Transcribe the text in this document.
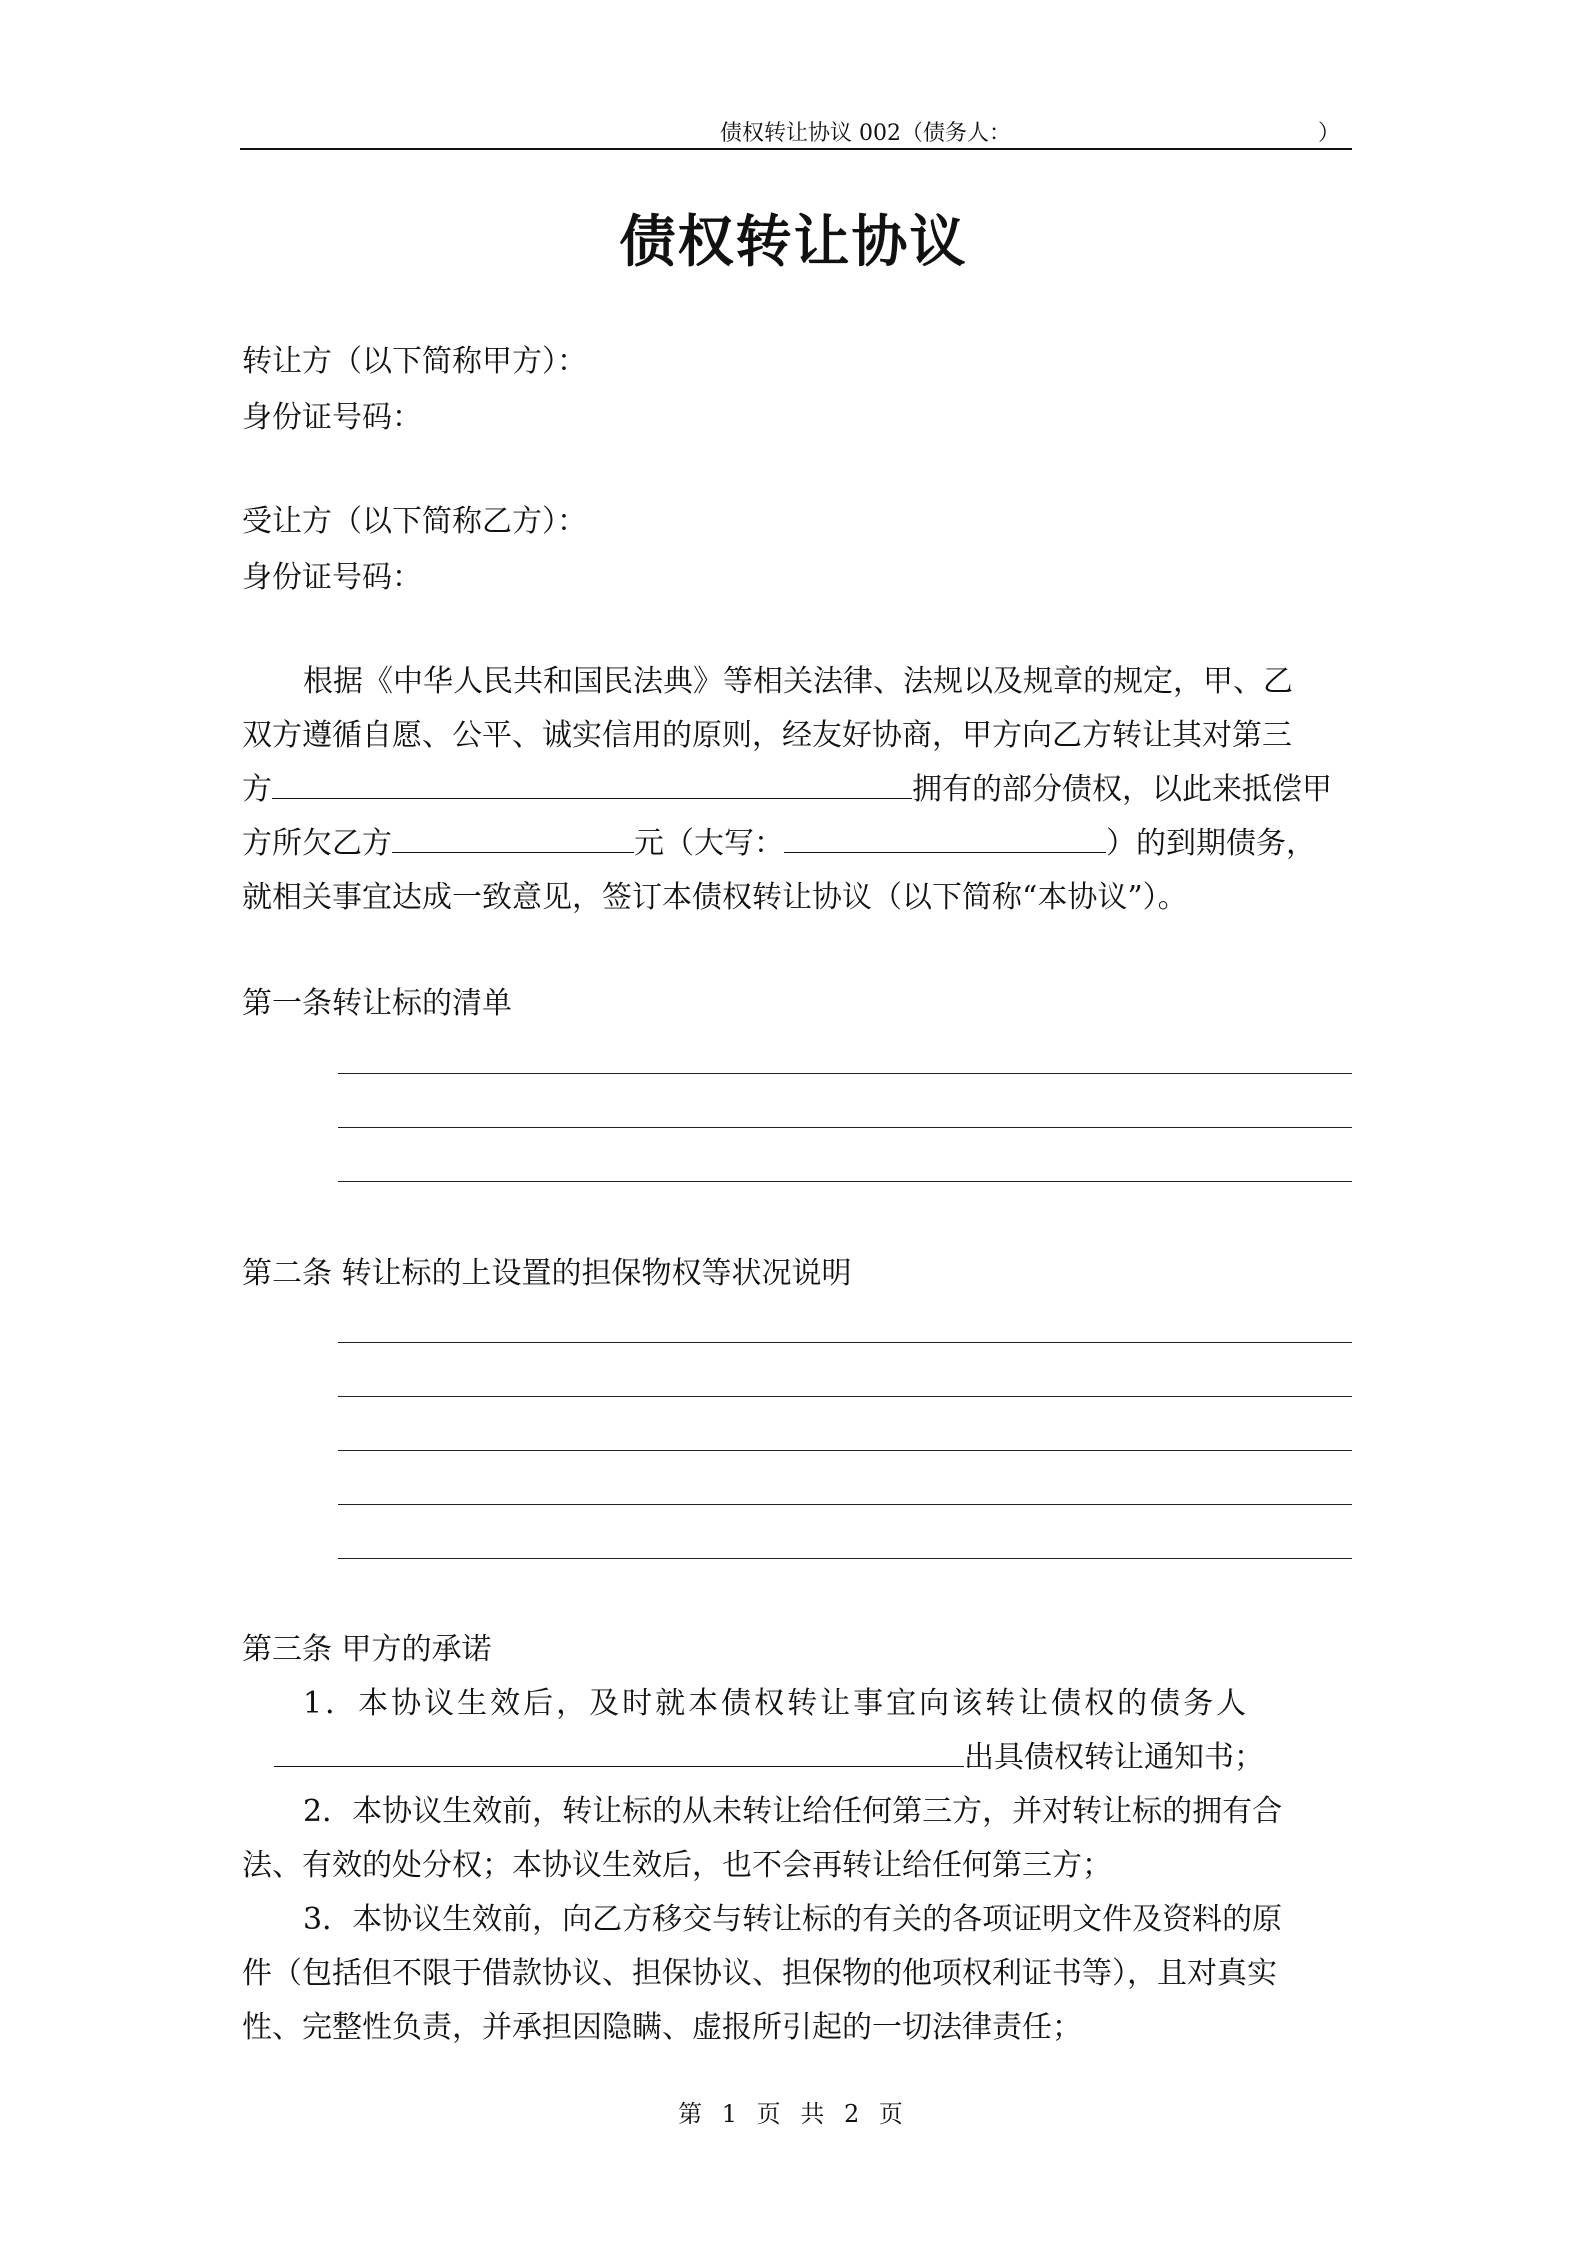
债权转让协议 002（债务人：	）
债权转让协议
转让方（以下简称甲方）：
身份证号码：
受让方（以下简称乙方）：
身份证号码：
根据《中华人民共和国民法典》等相关法律、法规以及规章的规定，甲、乙
双方遵循自愿、公平、诚实信用的原则，经友好协商，甲方向乙方转让其对第三
方	拥有的部分债权，以此来抵偿甲
方所欠乙方	元（大写：	）的到期债务，
就相关事宜达成一致意见，签订本债权转让协议（以下简称“本协议”）。
第一条转让标的清单
第二条 转让标的上设置的担保物权等状况说明
第三条 甲方的承诺
1．本协议生效后，及时就本债权转让事宜向该转让债权的债务人
出具债权转让通知书；
2．本协议生效前，转让标的从未转让给任何第三方，并对转让标的拥有合
法、有效的处分权；本协议生效后，也不会再转让给任何第三方；
3．本协议生效前，向乙方移交与转让标的有关的各项证明文件及资料的原
件（包括但不限于借款协议、担保协议、担保物的他项权利证书等），且对真实
性、完整性负责，并承担因隐瞒、虚报所引起的一切法律责任；
第 1 页 共 2 页
